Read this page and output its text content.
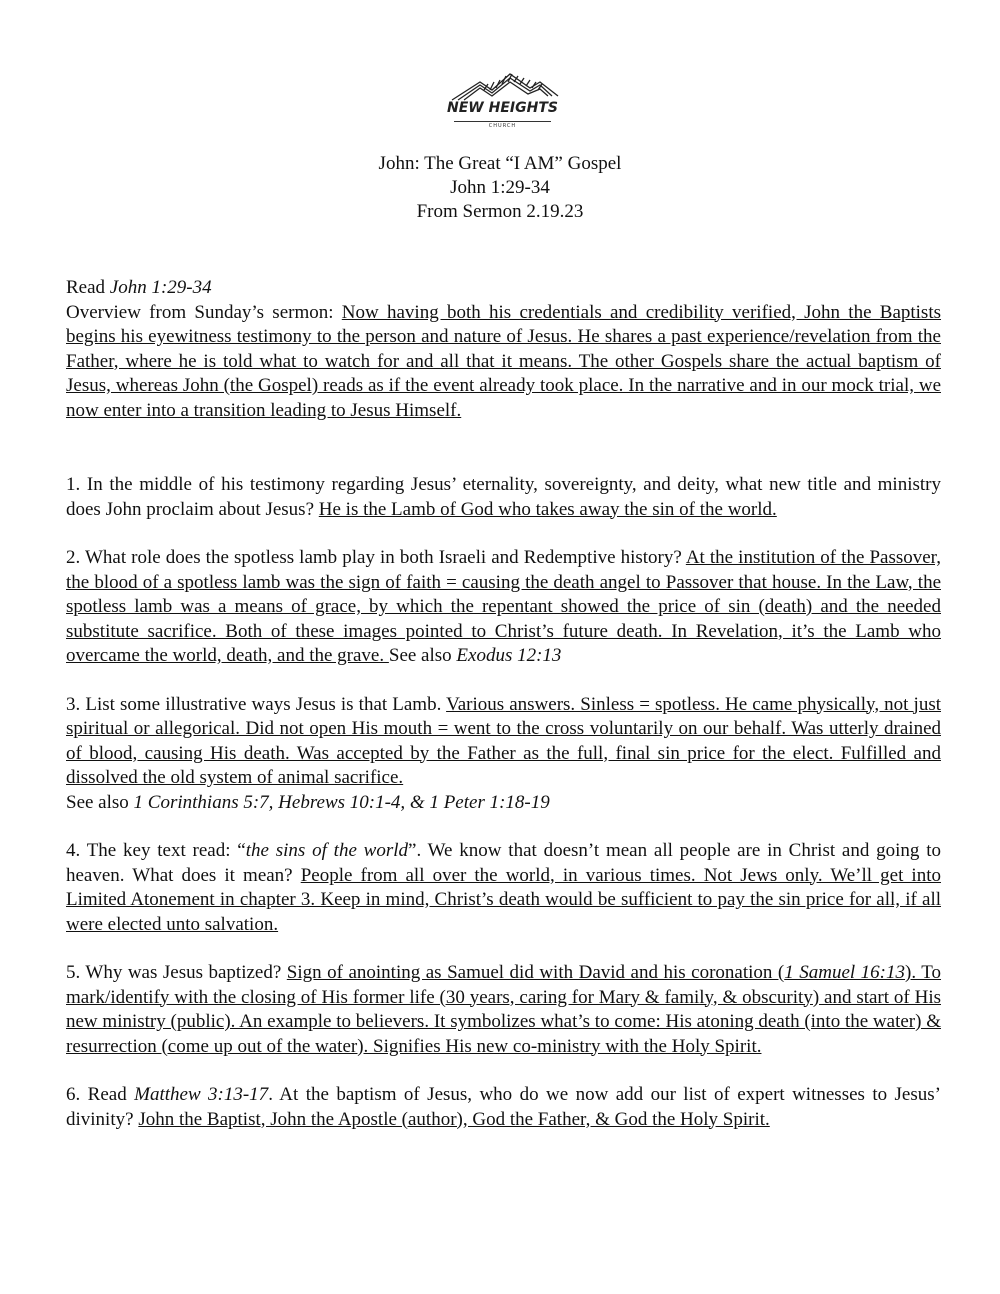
NEW HEIGHTS
CHURCH
John: The Great “I AM” Gospel
John 1:29-34
From Sermon 2.19.23

Read John 1:29-34
Overview from Sunday’s sermon: Now having both his credentials and credibility verified, John the Baptists begins his eyewitness testimony to the person and nature of Jesus. He shares a past experience/revelation from the Father, where he is told what to watch for and all that it means. The other Gospels share the actual baptism of Jesus, whereas John (the Gospel) reads as if the event already took place. In the narrative and in our mock trial, we now enter into a transition leading to Jesus Himself.

1. In the middle of his testimony regarding Jesus’ eternality, sovereignty, and deity, what new title and ministry does John proclaim about Jesus? He is the Lamb of God who takes away the sin of the world.

2. What role does the spotless lamb play in both Israeli and Redemptive history? At the institution of the Passover, the blood of a spotless lamb was the sign of faith = causing the death angel to Passover that house. In the Law, the spotless lamb was a means of grace, by which the repentant showed the price of sin (death) and the needed substitute sacrifice. Both of these images pointed to Christ’s future death. In Revelation, it’s the Lamb who overcame the world, death, and the grave. See also Exodus 12:13

3. List some illustrative ways Jesus is that Lamb. Various answers. Sinless = spotless. He came physically, not just spiritual or allegorical. Did not open His mouth = went to the cross voluntarily on our behalf. Was utterly drained of blood, causing His death. Was accepted by the Father as the full, final sin price for the elect. Fulfilled and dissolved the old system of animal sacrifice.
See also 1 Corinthians 5:7, Hebrews 10:1-4, & 1 Peter 1:18-19

4. The key text read: “the sins of the world”. We know that doesn’t mean all people are in Christ and going to heaven. What does it mean? People from all over the world, in various times. Not Jews only. We’ll get into Limited Atonement in chapter 3. Keep in mind, Christ’s death would be sufficient to pay the sin price for all, if all were elected unto salvation.

5. Why was Jesus baptized? Sign of anointing as Samuel did with David and his coronation (1 Samuel 16:13). To mark/identify with the closing of His former life (30 years, caring for Mary & family, & obscurity) and start of His new ministry (public). An example to believers. It symbolizes what’s to come: His atoning death (into the water) & resurrection (come up out of the water). Signifies His new co-ministry with the Holy Spirit.

6. Read Matthew 3:13-17. At the baptism of Jesus, who do we now add our list of expert witnesses to Jesus’ divinity? John the Baptist, John the Apostle (author), God the Father, & God the Holy Spirit.
